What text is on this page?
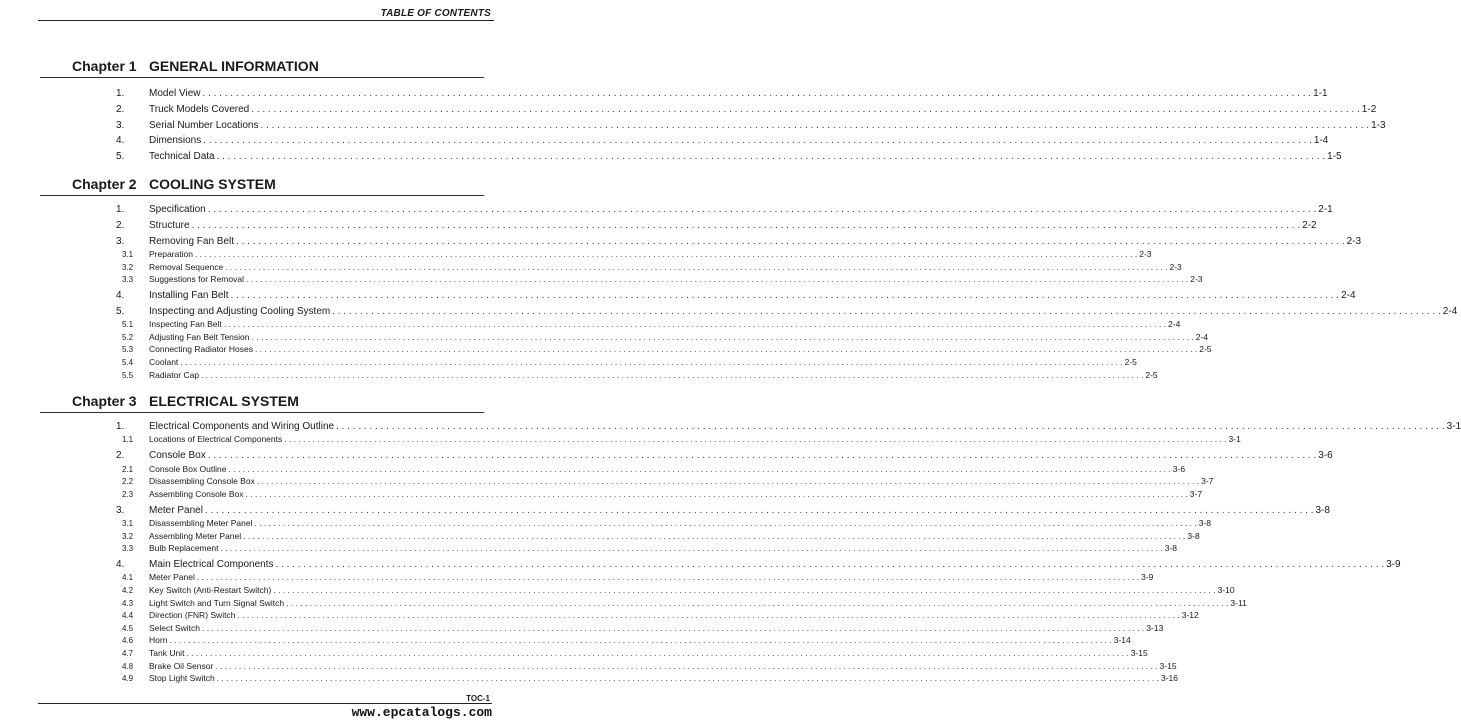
TABLE OF CONTENTS
Chapter 1 GENERAL INFORMATION
1.	Model View . . . . . . . . . . . . . . . . . . . . . . . . . . . . . . . . . . . . . . . . . . . . . . . . . . . . . . . . . . . . . . . . . . . . . . . . . . . . . . . . . . . . . . . . . . . . . . . . . . . . . . . . . . . . . . . . . . . . . . . . . . . . . . . . . . . . . . . . . . . . . . . . . . . . . . . . . . . . . . . . . . . . . . . . . . . . . . . . . . . . . . . . . . . . . . . . . . . . . . . . 1-1
2.	Truck Models Covered . . . . . . . . . . . . . . . . . . . . . . . . . . . . . . . . . . . . . . . . . . . . . . . . . . . . . . . . . . . . . . . . . . . . . . . . . . . . . . . . . . . . . . . . . . . . . . . . . . . . . . . . . . . . . . . . . . . . . . . . . . . . . . . . . . . . . . . . . . . . . . . . . . . . . . . . . . . . . . . . . . . . . . . . . . . . . . . . . . . . . . . . . . . . . . . . . . . . . . . . 1-2
3.	Serial Number Locations . . . . . . . . . . . . . . . . . . . . . . . . . . . . . . . . . . . . . . . . . . . . . . . . . . . . . . . . . . . . . . . . . . . . . . . . . . . . . . . . . . . . . . . . . . . . . . . . . . . . . . . . . . . . . . . . . . . . . . . . . . . . . . . . . . . . . . . . . . . . . . . . . . . . . . . . . . . . . . . . . . . . . . . . . . . . . . . . . . . . . . . . . . . . . . . . . . . . . . . . 1-3
4.	Dimensions . . . . . . . . . . . . . . . . . . . . . . . . . . . . . . . . . . . . . . . . . . . . . . . . . . . . . . . . . . . . . . . . . . . . . . . . . . . . . . . . . . . . . . . . . . . . . . . . . . . . . . . . . . . . . . . . . . . . . . . . . . . . . . . . . . . . . . . . . . . . . . . . . . . . . . . . . . . . . . . . . . . . . . . . . . . . . . . . . . . . . . . . . . . . . . . . . . . . . . . . 1-4
5.	Technical Data . . . . . . . . . . . . . . . . . . . . . . . . . . . . . . . . . . . . . . . . . . . . . . . . . . . . . . . . . . . . . . . . . . . . . . . . . . . . . . . . . . . . . . . . . . . . . . . . . . . . . . . . . . . . . . . . . . . . . . . . . . . . . . . . . . . . . . . . . . . . . . . . . . . . . . . . . . . . . . . . . . . . . . . . . . . . . . . . . . . . . . . . . . . . . . . . . . . . . . . . 1-5
Chapter 2 COOLING SYSTEM
1.	Specification . . . . . . . . . . . . . . . . . . . . . . . . . . . . . . . . . . . . . . . . . . . . . . . . . . . . . . . . . . . . . . . . . . . . . . . . . . . . . . . . . . . . . . . . . . . . . . . . . . . . . . . . . . . . . . . . . . . . . . . . . . . . . . . . . . . . . . . . . . . . . . . . . . . . . . . . . . . . . . . . . . . . . . . . . . . . . . . . . . . . . . . . . . . . . . . . . . . . . . . . 2-1
2.	Structure . . . . . . . . . . . . . . . . . . . . . . . . . . . . . . . . . . . . . . . . . . . . . . . . . . . . . . . . . . . . . . . . . . . . . . . . . . . . . . . . . . . . . . . . . . . . . . . . . . . . . . . . . . . . . . . . . . . . . . . . . . . . . . . . . . . . . . . . . . . . . . . . . . . . . . . . . . . . . . . . . . . . . . . . . . . . . . . . . . . . . . . . . . . . . . . . . . . . . . . . 2-2
3.	Removing Fan Belt . . . . . . . . . . . . . . . . . . . . . . . . . . . . . . . . . . . . . . . . . . . . . . . . . . . . . . . . . . . . . . . . . . . . . . . . . . . . . . . . . . . . . . . . . . . . . . . . . . . . . . . . . . . . . . . . . . . . . . . . . . . . . . . . . . . . . . . . . . . . . . . . . . . . . . . . . . . . . . . . . . . . . . . . . . . . . . . . . . . . . . . . . . . . . . . . . . . . . . . . 2-3
3.1	Preparation . . . . . . . . . . . . . . . . . . . . . . . . . . . . . . . . . . . . . . . . . . . . . . . . . . . . . . . . . . . . . . . . . . . . . . . . . . . . . . . . . . . . . . . . . . . . . . . . . . . . . . . . . . . . . . . . . . . . . . . . . . . . . . . . . . . . . . . . . . . . . . . . . . . . . . . . . . . . . . . . . . . . . . . . . . . . . . . . . . . . . . . . . . . . . . . . . . . . . . . . 2-3
3.2	Removal Sequence . . . . . . . . . . . . . . . . . . . . . . . . . . . . . . . . . . . . . . . . . . . . . . . . . . . . . . . . . . . . . . . . . . . . . . . . . . . . . . . . . . . . . . . . . . . . . . . . . . . . . . . . . . . . . . . . . . . . . . . . . . . . . . . . . . . . . . . . . . . . . . . . . . . . . . . . . . . . . . . . . . . . . . . . . . . . . . . . . . . . . . . . . . . . . . . . . . . . . . . . 2-3
3.3	Suggestions for Removal . . . . . . . . . . . . . . . . . . . . . . . . . . . . . . . . . . . . . . . . . . . . . . . . . . . . . . . . . . . . . . . . . . . . . . . . . . . . . . . . . . . . . . . . . . . . . . . . . . . . . . . . . . . . . . . . . . . . . . . . . . . . . . . . . . . . . . . . . . . . . . . . . . . . . . . . . . . . . . . . . . . . . . . . . . . . . . . . . . . . . . . . . . . . . . . . . . . . . . . . 2-3
4.	Installing Fan Belt . . . . . . . . . . . . . . . . . . . . . . . . . . . . . . . . . . . . . . . . . . . . . . . . . . . . . . . . . . . . . . . . . . . . . . . . . . . . . . . . . . . . . . . . . . . . . . . . . . . . . . . . . . . . . . . . . . . . . . . . . . . . . . . . . . . . . . . . . . . . . . . . . . . . . . . . . . . . . . . . . . . . . . . . . . . . . . . . . . . . . . . . . . . . . . . . . . . . . . . . 2-4
5.	Inspecting and Adjusting Cooling System . . . . . . . . . . . . . . . . . . . . . . . . . . . . . . . . . . . . . . . . . . . . . . . . . . . . . . . . . . . . . . . . . . . . . . . . . . . . . . . . . . . . . . . . . . . . . . . . . . . . . . . . . . . . . . . . . . . . . . . . . . . . . . . . . . . . . . . . . . . . . . . . . . . . . . . . . . . . . . . . . . . . . . . . . . . . . . . . . . . . . . . . . . . . . . . . . . . . . . . . 2-4
5.1	Inspecting Fan Belt . . . . . . . . . . . . . . . . . . . . . . . . . . . . . . . . . . . . . . . . . . . . . . . . . . . . . . . . . . . . . . . . . . . . . . . . . . . . . . . . . . . . . . . . . . . . . . . . . . . . . . . . . . . . . . . . . . . . . . . . . . . . . . . . . . . . . . . . . . . . . . . . . . . . . . . . . . . . . . . . . . . . . . . . . . . . . . . . . . . . . . . . . . . . . . . . . . . . . . . . 2-4
5.2	Adjusting Fan Belt Tension . . . . . . . . . . . . . . . . . . . . . . . . . . . . . . . . . . . . . . . . . . . . . . . . . . . . . . . . . . . . . . . . . . . . . . . . . . . . . . . . . . . . . . . . . . . . . . . . . . . . . . . . . . . . . . . . . . . . . . . . . . . . . . . . . . . . . . . . . . . . . . . . . . . . . . . . . . . . . . . . . . . . . . . . . . . . . . . . . . . . . . . . . . . . . . . . . . . . . . . . 2-4
5.3	Connecting Radiator Hoses . . . . . . . . . . . . . . . . . . . . . . . . . . . . . . . . . . . . . . . . . . . . . . . . . . . . . . . . . . . . . . . . . . . . . . . . . . . . . . . . . . . . . . . . . . . . . . . . . . . . . . . . . . . . . . . . . . . . . . . . . . . . . . . . . . . . . . . . . . . . . . . . . . . . . . . . . . . . . . . . . . . . . . . . . . . . . . . . . . . . . . . . . . . . . . . . . . . . . . . . 2-5
5.4	Coolant . . . . . . . . . . . . . . . . . . . . . . . . . . . . . . . . . . . . . . . . . . . . . . . . . . . . . . . . . . . . . . . . . . . . . . . . . . . . . . . . . . . . . . . . . . . . . . . . . . . . . . . . . . . . . . . . . . . . . . . . . . . . . . . . . . . . . . . . . . . . . . . . . . . . . . . . . . . . . . . . . . . . . . . . . . . . . . . . . . . . . . . . . . . . . . . . . . . . . . . . 2-5
5.5	Radiator Cap . . . . . . . . . . . . . . . . . . . . . . . . . . . . . . . . . . . . . . . . . . . . . . . . . . . . . . . . . . . . . . . . . . . . . . . . . . . . . . . . . . . . . . . . . . . . . . . . . . . . . . . . . . . . . . . . . . . . . . . . . . . . . . . . . . . . . . . . . . . . . . . . . . . . . . . . . . . . . . . . . . . . . . . . . . . . . . . . . . . . . . . . . . . . . . . . . . . . . . . . 2-5
Chapter 3 ELECTRICAL SYSTEM
1.	Electrical Components and Wiring Outline . . . . . . . . . . . . . . . . . . . . . . . . . . . . . . . . . . . . . . . . . . . . . . . . . . . . . . . . . . . . . . . . . . . . . . . . . . . . . . . . . . . . . . . . . . . . . . . . . . . . . . . . . . . . . . . . . . . . . . . . . . . . . . . . . . . . . . . . . . . . . . . . . . . . . . . . . . . . . . . . . . . . . . . . . . . . . . . . . . . . . . . . . . . . . . . . . . . . . . . . 3-1
1.1	Locations of Electrical Components . . . . . . . . . . . . . . . . . . . . . . . . . . . . . . . . . . . . . . . . . . . . . . . . . . . . . . . . . . . . . . . . . . . . . . . . . . . . . . . . . . . . . . . . . . . . . . . . . . . . . . . . . . . . . . . . . . . . . . . . . . . . . . . . . . . . . . . . . . . . . . . . . . . . . . . . . . . . . . . . . . . . . . . . . . . . . . . . . . . . . . . . . . . . . . . . . . . . . . . . 3-1
2.	Console Box . . . . . . . . . . . . . . . . . . . . . . . . . . . . . . . . . . . . . . . . . . . . . . . . . . . . . . . . . . . . . . . . . . . . . . . . . . . . . . . . . . . . . . . . . . . . . . . . . . . . . . . . . . . . . . . . . . . . . . . . . . . . . . . . . . . . . . . . . . . . . . . . . . . . . . . . . . . . . . . . . . . . . . . . . . . . . . . . . . . . . . . . . . . . . . . . . . . . . . . . 3-6
2.1	Console Box Outline . . . . . . . . . . . . . . . . . . . . . . . . . . . . . . . . . . . . . . . . . . . . . . . . . . . . . . . . . . . . . . . . . . . . . . . . . . . . . . . . . . . . . . . . . . . . . . . . . . . . . . . . . . . . . . . . . . . . . . . . . . . . . . . . . . . . . . . . . . . . . . . . . . . . . . . . . . . . . . . . . . . . . . . . . . . . . . . . . . . . . . . . . . . . . . . . . . . . . . . . 3-6
2.2	Disassembling Console Box . . . . . . . . . . . . . . . . . . . . . . . . . . . . . . . . . . . . . . . . . . . . . . . . . . . . . . . . . . . . . . . . . . . . . . . . . . . . . . . . . . . . . . . . . . . . . . . . . . . . . . . . . . . . . . . . . . . . . . . . . . . . . . . . . . . . . . . . . . . . . . . . . . . . . . . . . . . . . . . . . . . . . . . . . . . . . . . . . . . . . . . . . . . . . . . . . . . . . . . . 3-7
2.3	Assembling Console Box . . . . . . . . . . . . . . . . . . . . . . . . . . . . . . . . . . . . . . . . . . . . . . . . . . . . . . . . . . . . . . . . . . . . . . . . . . . . . . . . . . . . . . . . . . . . . . . . . . . . . . . . . . . . . . . . . . . . . . . . . . . . . . . . . . . . . . . . . . . . . . . . . . . . . . . . . . . . . . . . . . . . . . . . . . . . . . . . . . . . . . . . . . . . . . . . . . . . . . . . 3-7
3.	Meter Panel . . . . . . . . . . . . . . . . . . . . . . . . . . . . . . . . . . . . . . . . . . . . . . . . . . . . . . . . . . . . . . . . . . . . . . . . . . . . . . . . . . . . . . . . . . . . . . . . . . . . . . . . . . . . . . . . . . . . . . . . . . . . . . . . . . . . . . . . . . . . . . . . . . . . . . . . . . . . . . . . . . . . . . . . . . . . . . . . . . . . . . . . . . . . . . . . . . . . . . . . 3-8
3.1	Disassembling Meter Panel . . . . . . . . . . . . . . . . . . . . . . . . . . . . . . . . . . . . . . . . . . . . . . . . . . . . . . . . . . . . . . . . . . . . . . . . . . . . . . . . . . . . . . . . . . . . . . . . . . . . . . . . . . . . . . . . . . . . . . . . . . . . . . . . . . . . . . . . . . . . . . . . . . . . . . . . . . . . . . . . . . . . . . . . . . . . . . . . . . . . . . . . . . . . . . . . . . . . . . . . 3-8
3.2	Assembling Meter Panel . . . . . . . . . . . . . . . . . . . . . . . . . . . . . . . . . . . . . . . . . . . . . . . . . . . . . . . . . . . . . . . . . . . . . . . . . . . . . . . . . . . . . . . . . . . . . . . . . . . . . . . . . . . . . . . . . . . . . . . . . . . . . . . . . . . . . . . . . . . . . . . . . . . . . . . . . . . . . . . . . . . . . . . . . . . . . . . . . . . . . . . . . . . . . . . . . . . . . . . . 3-8
3.3	Bulb Replacement . . . . . . . . . . . . . . . . . . . . . . . . . . . . . . . . . . . . . . . . . . . . . . . . . . . . . . . . . . . . . . . . . . . . . . . . . . . . . . . . . . . . . . . . . . . . . . . . . . . . . . . . . . . . . . . . . . . . . . . . . . . . . . . . . . . . . . . . . . . . . . . . . . . . . . . . . . . . . . . . . . . . . . . . . . . . . . . . . . . . . . . . . . . . . . . . . . . . . . . . 3-8
4.	Main Electrical Components . . . . . . . . . . . . . . . . . . . . . . . . . . . . . . . . . . . . . . . . . . . . . . . . . . . . . . . . . . . . . . . . . . . . . . . . . . . . . . . . . . . . . . . . . . . . . . . . . . . . . . . . . . . . . . . . . . . . . . . . . . . . . . . . . . . . . . . . . . . . . . . . . . . . . . . . . . . . . . . . . . . . . . . . . . . . . . . . . . . . . . . . . . . . . . . . . . . . . . . . 3-9
4.1	Meter Panel . . . . . . . . . . . . . . . . . . . . . . . . . . . . . . . . . . . . . . . . . . . . . . . . . . . . . . . . . . . . . . . . . . . . . . . . . . . . . . . . . . . . . . . . . . . . . . . . . . . . . . . . . . . . . . . . . . . . . . . . . . . . . . . . . . . . . . . . . . . . . . . . . . . . . . . . . . . . . . . . . . . . . . . . . . . . . . . . . . . . . . . . . . . . . . . . . . . . . . . . 3-9
4.2	Key Switch (Anti-Restart Switch) . . . . . . . . . . . . . . . . . . . . . . . . . . . . . . . . . . . . . . . . . . . . . . . . . . . . . . . . . . . . . . . . . . . . . . . . . . . . . . . . . . . . . . . . . . . . . . . . . . . . . . . . . . . . . . . . . . . . . . . . . . . . . . . . . . . . . . . . . . . . . . . . . . . . . . . . . . . . . . . . . . . . . . . . . . . . . . . . . . . . . . . . . . . . . . . . . . . . . . . . 3-10
4.3	Light Switch and Turn Signal Switch . . . . . . . . . . . . . . . . . . . . . . . . . . . . . . . . . . . . . . . . . . . . . . . . . . . . . . . . . . . . . . . . . . . . . . . . . . . . . . . . . . . . . . . . . . . . . . . . . . . . . . . . . . . . . . . . . . . . . . . . . . . . . . . . . . . . . . . . . . . . . . . . . . . . . . . . . . . . . . . . . . . . . . . . . . . . . . . . . . . . . . . . . . . . . . . . . . . . . . . . 3-11
4.4	Direction (FNR) Switch . . . . . . . . . . . . . . . . . . . . . . . . . . . . . . . . . . . . . . . . . . . . . . . . . . . . . . . . . . . . . . . . . . . . . . . . . . . . . . . . . . . . . . . . . . . . . . . . . . . . . . . . . . . . . . . . . . . . . . . . . . . . . . . . . . . . . . . . . . . . . . . . . . . . . . . . . . . . . . . . . . . . . . . . . . . . . . . . . . . . . . . . . . . . . . . . . . . . . . . . 3-12
4.5	Select Switch . . . . . . . . . . . . . . . . . . . . . . . . . . . . . . . . . . . . . . . . . . . . . . . . . . . . . . . . . . . . . . . . . . . . . . . . . . . . . . . . . . . . . . . . . . . . . . . . . . . . . . . . . . . . . . . . . . . . . . . . . . . . . . . . . . . . . . . . . . . . . . . . . . . . . . . . . . . . . . . . . . . . . . . . . . . . . . . . . . . . . . . . . . . . . . . . . . . . . . . . 3-13
4.6	Horn . . . . . . . . . . . . . . . . . . . . . . . . . . . . . . . . . . . . . . . . . . . . . . . . . . . . . . . . . . . . . . . . . . . . . . . . . . . . . . . . . . . . . . . . . . . . . . . . . . . . . . . . . . . . . . . . . . . . . . . . . . . . . . . . . . . . . . . . . . . . . . . . . . . . . . . . . . . . . . . . . . . . . . . . . . . . . . . . . . . . . . . . . . . . . . . . . . . . . . . . 3-14
4.7	Tank Unit . . . . . . . . . . . . . . . . . . . . . . . . . . . . . . . . . . . . . . . . . . . . . . . . . . . . . . . . . . . . . . . . . . . . . . . . . . . . . . . . . . . . . . . . . . . . . . . . . . . . . . . . . . . . . . . . . . . . . . . . . . . . . . . . . . . . . . . . . . . . . . . . . . . . . . . . . . . . . . . . . . . . . . . . . . . . . . . . . . . . . . . . . . . . . . . . . . . . . . . . 3-15
4.8	Brake Oil Sensor . . . . . . . . . . . . . . . . . . . . . . . . . . . . . . . . . . . . . . . . . . . . . . . . . . . . . . . . . . . . . . . . . . . . . . . . . . . . . . . . . . . . . . . . . . . . . . . . . . . . . . . . . . . . . . . . . . . . . . . . . . . . . . . . . . . . . . . . . . . . . . . . . . . . . . . . . . . . . . . . . . . . . . . . . . . . . . . . . . . . . . . . . . . . . . . . . . . . . . . . 3-15
4.9	Stop Light Switch . . . . . . . . . . . . . . . . . . . . . . . . . . . . . . . . . . . . . . . . . . . . . . . . . . . . . . . . . . . . . . . . . . . . . . . . . . . . . . . . . . . . . . . . . . . . . . . . . . . . . . . . . . . . . . . . . . . . . . . . . . . . . . . . . . . . . . . . . . . . . . . . . . . . . . . . . . . . . . . . . . . . . . . . . . . . . . . . . . . . . . . . . . . . . . . . . . . . . . . . 3-16
TOC-1
www.epcatalogs.com
